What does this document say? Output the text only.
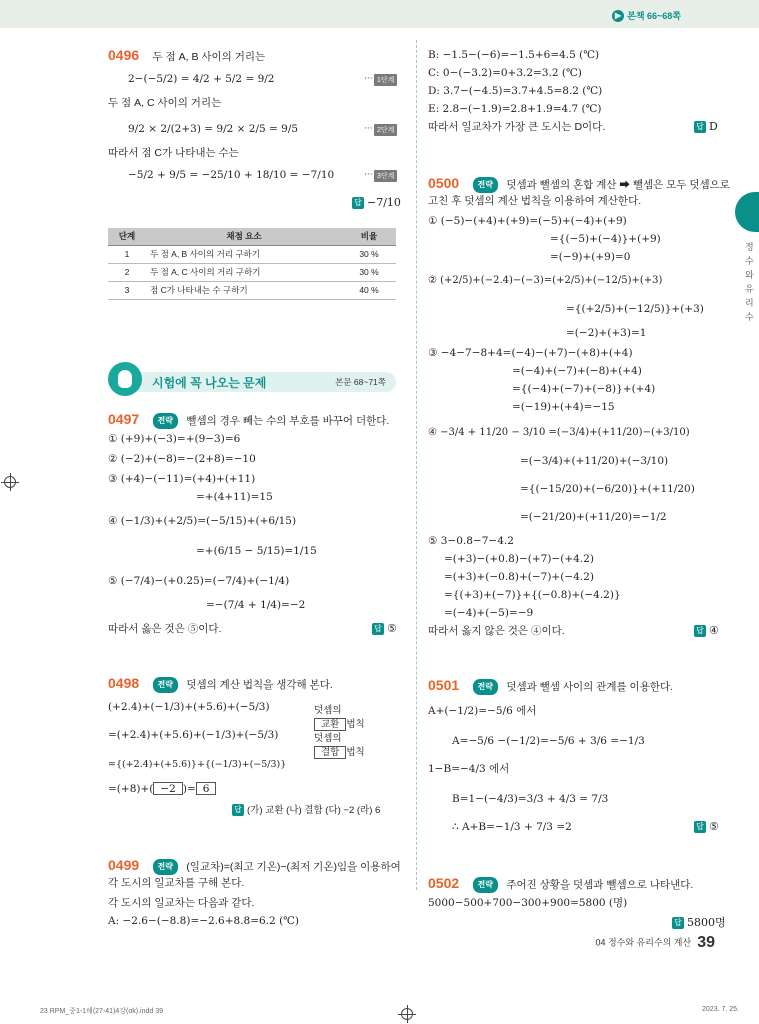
▶ 본책 66~68쪽
정수와 유리수
0496 두 점 A, B 사이의 거리는
2−(−5/2) = 4/2 + 5/2 = 9/2	··· 1단계
두 점 A, C 사이의 거리는
9/2 × 2/(2+3) = 9/2 × 2/5 = 9/5	··· 2단계
따라서 점 C가 나타내는 수는
−5/2 + 9/5 = −25/10 + 18/10 = −7/10	··· 3단계
답 −7/10
단계	채점 요소	비율
1	두 점 A, B 사이의 거리 구하기	30 %
2	두 점 A, C 사이의 거리 구하기	30 %
3	점 C가 나타내는 수 구하기	40 %
시험에 꼭 나오는 문제	본문 68~71쪽
0497 전략 뺄셈의 경우 빼는 수의 부호를 바꾸어 더한다.
① (+9)+(−3)=+(9−3)=6
② (−2)+(−8)=−(2+8)=−10
③ (+4)−(−11)=(+4)+(+11)
=+(4+11)=15
④ (−1/3)+(+2/5)=(−5/15)+(+6/15)
=+(6/15 − 5/15)=1/15
⑤ (−7/4)−(+0.25)=(−7/4)+(−1/4)
=−(7/4 + 1/4)=−2
따라서 옳은 것은 ⑤이다.	답 ⑤
0498 전략 덧셈의 계산 법칙을 생각해 본다.
(+2.4)+(−1/3)+(+5.6)+(−5/3)
=(+2.4)+(+5.6)+(−1/3)+(−5/3)
={(+2.4)+(+5.6)}+{(−1/3)+(−5/3)}
=(+8)+( −2 )= 6
덧셈의
교환 법칙
덧셈의
결합 법칙
답 (가) 교환 (나) 결합 (다) −2 (라) 6
0499 전략 (일교차)=(최고 기온)−(최저 기온)임을 이용하여
각 도시의 일교차를 구해 본다.
각 도시의 일교차는 다음과 같다.
A: −2.6−(−8.8)=−2.6+8.8=6.2 (℃)
B: −1.5−(−6)=−1.5+6=4.5 (℃)
C: 0−(−3.2)=0+3.2=3.2 (℃)
D: 3.7−(−4.5)=3.7+4.5=8.2 (℃)
E: 2.8−(−1.9)=2.8+1.9=4.7 (℃)
따라서 일교차가 가장 큰 도시는 D이다.	답 D
0500 전략 덧셈과 뺄셈의 혼합 계산 ➡ 뺄셈은 모두 덧셈으로
고친 후 덧셈의 계산 법칙을 이용하여 계산한다.
① (−5)−(+4)+(+9)=(−5)+(−4)+(+9)
={(−5)+(−4)}+(+9)
=(−9)+(+9)=0
② (+2/5)+(−2.4)−(−3)=(+2/5)+(−12/5)+(+3)
={(+2/5)+(−12/5)}+(+3)
=(−2)+(+3)=1
③ −4−7−8+4=(−4)−(+7)−(+8)+(+4)
=(−4)+(−7)+(−8)+(+4)
={(−4)+(−7)+(−8)}+(+4)
=(−19)+(+4)=−15
④ −3/4 + 11/20 − 3/10 =(−3/4)+(+11/20)−(+3/10)
=(−3/4)+(+11/20)+(−3/10)
={(−15/20)+(−6/20)}+(+11/20)
=(−21/20)+(+11/20)=−1/2
⑤ 3−0.8−7−4.2
=(+3)−(+0.8)−(+7)−(+4.2)
=(+3)+(−0.8)+(−7)+(−4.2)
={(+3)+(−7)}+{(−0.8)+(−4.2)}
=(−4)+(−5)=−9
따라서 옳지 않은 것은 ④이다.	답 ④
0501 전략 덧셈과 뺄셈 사이의 관계를 이용한다.
A+(−1/2)=−5/6 에서
A=−5/6 −(−1/2)=−5/6 + 3/6 =−1/3
1−B=−4/3 에서
B=1−(−4/3)=3/3 + 4/3 = 7/3
∴ A+B=−1/3 + 7/3 =2	답 ⑤
0502 전략 주어진 상황을 덧셈과 뺄셈으로 나타낸다.
5000−500+700−300+900=5800 (명)
답 5800명
04 정수와 유리수의 계산 39
23 RPM_중1-1해(27-41)4강(ok).indd 39	2023. 7. 25.
